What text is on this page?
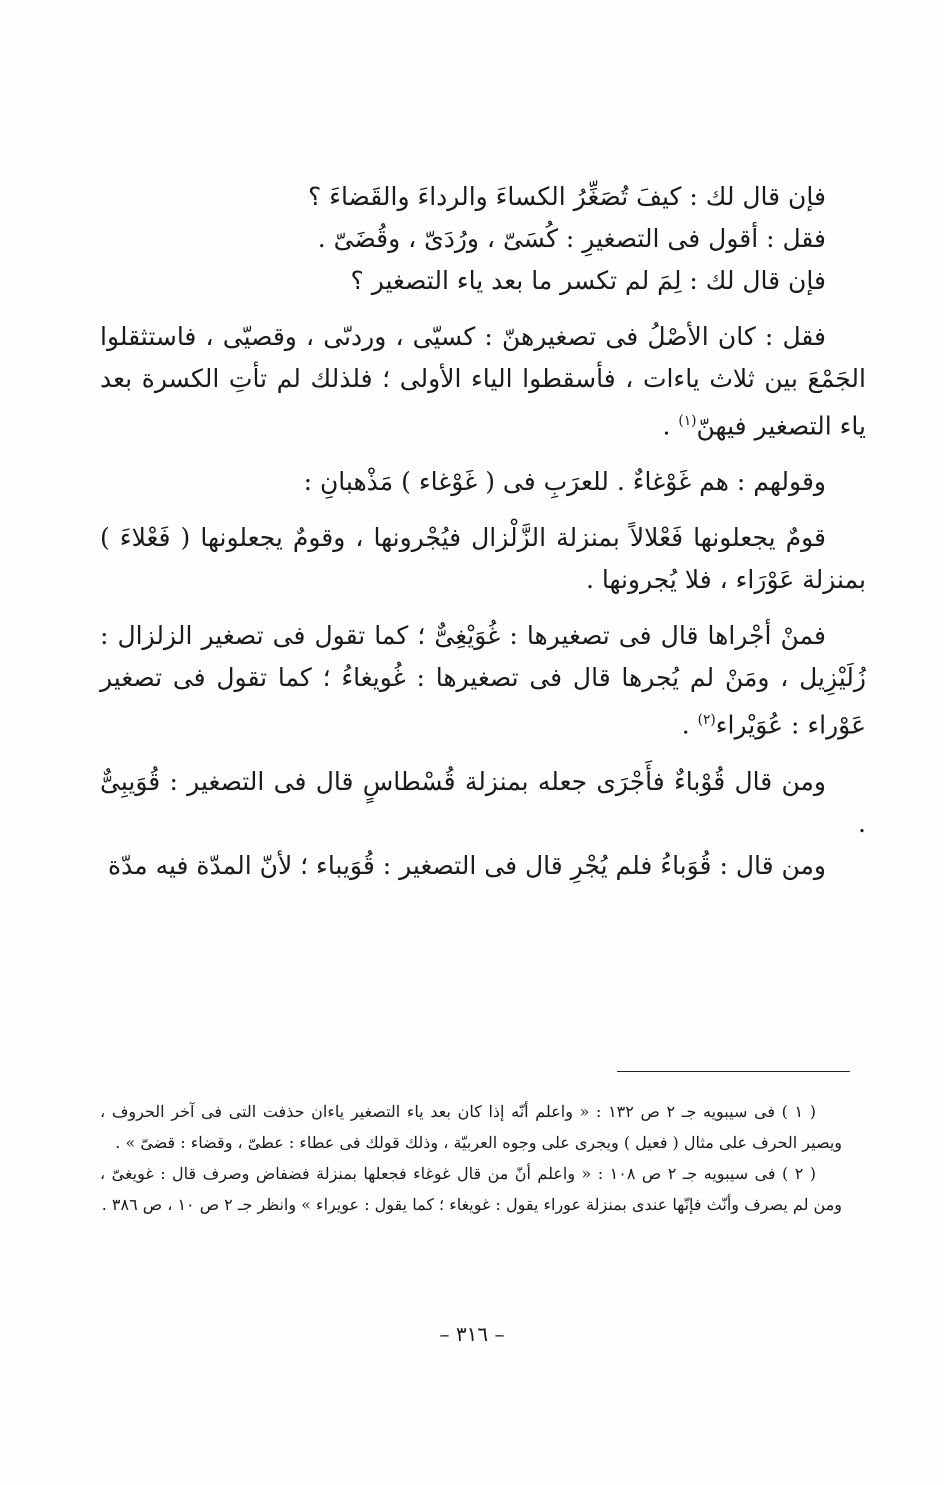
فإن قال لك : كيفَ تُصَغِّرُ الكساءَ والرداءَ والقَضاءَ ؟

فقل : أقول فى التصغيرِ : كُسَىّ ، ورُدَىّ ، وقُضَىّ .

فإن قال لك : لِمَ لم تكسر ما بعد ياء التصغير ؟

فقل : كان الأصْلُ فى تصغيرهنّ : كسيّى ، وردىّى ، وقصيّى ، فاستثقلوا الجَمْعَ بين ثلاث ياءات ، فأسقطوا الياء الأولى ؛ فلذلك لم تأتِ الكسرة بعد ياء التصغير فيهنّ$^{(١)}$ .

وقولهم : هم غَوْغاءٌ . للعرَبِ فى ( غَوْغاء ) مَذْهبانِ :

قومٌ يجعلونها فَعْلالاً بمنزلة الزَّلْزال فيُجْرونها ، وقومٌ يجعلونها ( فَعْلاءَ ) بمنزلة عَوْرَاء ، فلا يُجرونها .

فمنْ أجْراها قال فى تصغيرها : غُوَيْغِىٌّ ؛ كما تقول فى تصغير الزلزال : زُلَيْزِيل ، ومَنْ لم يُجرها قال فى تصغيرها : غُويغاءُ ؛ كما تقول فى تصغير عَوْراء : عُوَيْراء$^{(٢)}$ .

ومن قال قُوْباءٌ فأَجْرَى جعله بمنزلة قُسْطاسٍ قال فى التصغير : قُوَيبِىٌّ .

ومن قال : قُوَباءُ فلم يُجْرِ قال فى التصغير : قُوَيباء ؛ لأنّ المدّة فيه مدّة

( ١ ) فى سيبويه جـ ٢ ص ١٣٢ : « واعلم أنّه إذا كان بعد ياء التصغير ياءان حذفت التى فى آخر الحروف ، ويصير الحرف على مثال ( فعيل ) ويجرى على وجوه العربيّة ، وذلك قولك فى عطاء : عطىّ ، وقضاء : قضىّ » .

( ٢ ) فى سيبويه جـ ٢ ص ١٠٨ : « واعلم أنّ من قال غوغاء فجعلها بمنزلة فضفاض وصرف قال : غويغىّ ، ومن لم يصرف وأنّث فإنّها عندى بمنزلة عوراء يقول : غويغاء ؛ كما يقول : عويراء » وانظر جـ ٢ ص ١٠ ، ص ٣٨٦ .

– ٣١٦ –
